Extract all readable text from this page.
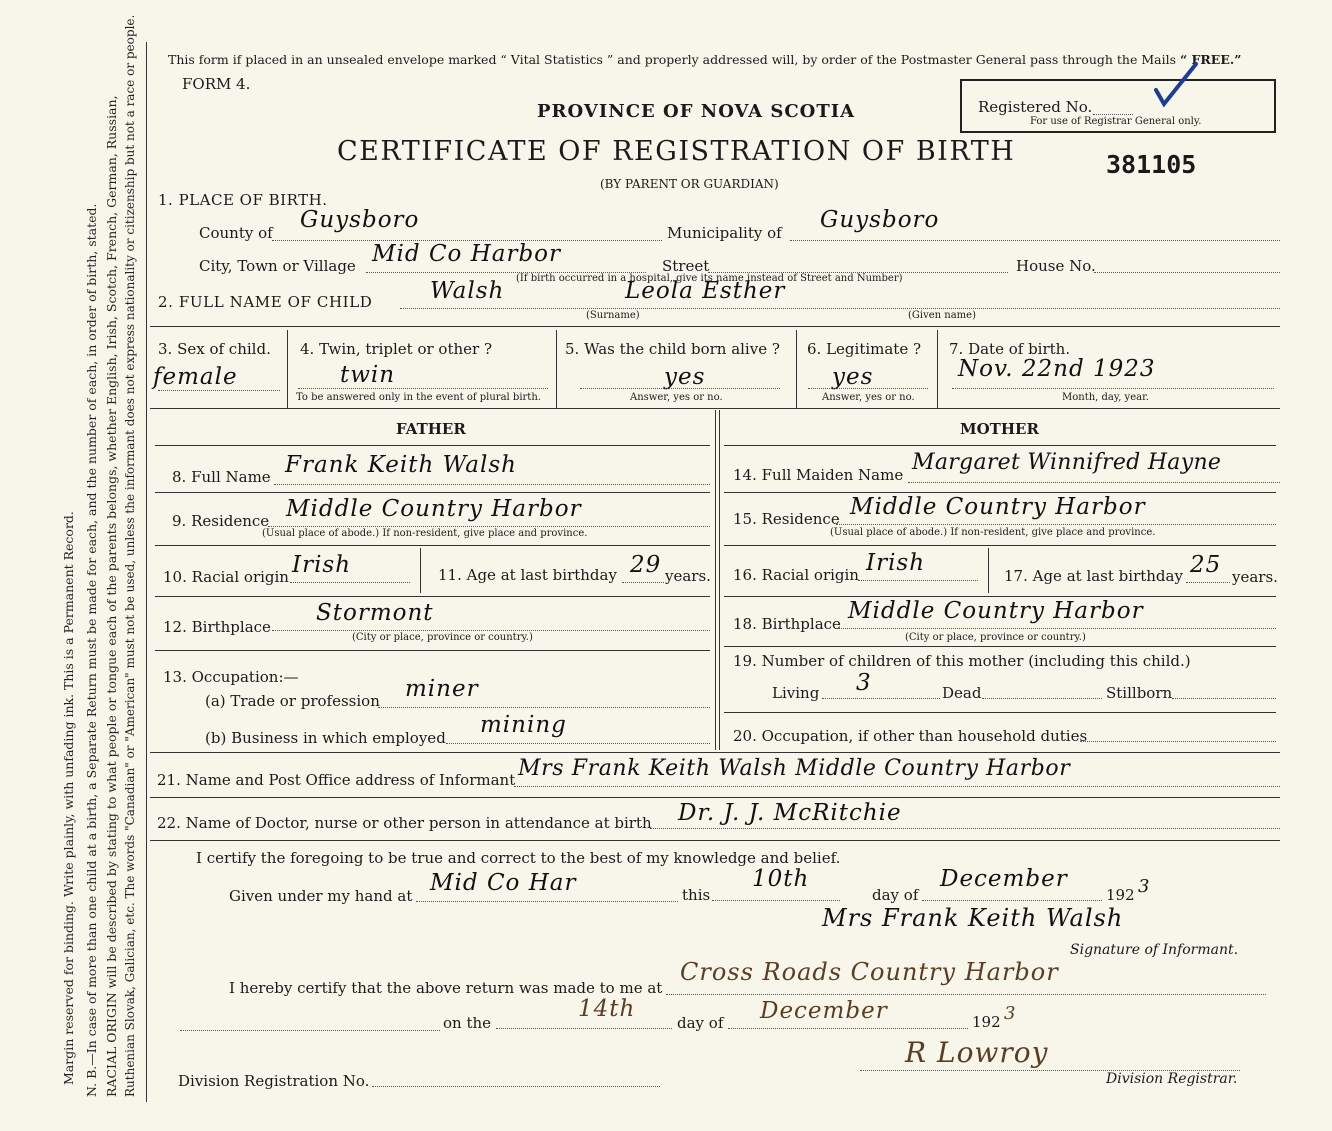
Margin reserved for binding. Write plainly, with unfading ink. This is a Permanent Record. N. B.—In case of more than one child at a birth, a Separate Return must be made for each, and the number of each, in order of birth, stated. RACIAL ORIGIN will be described by stating to what people or tongue each of the parents belongs, whether English, Irish, Scotch, French, German, Russian, Ruthenian Slovak, Galician, etc. The words "Canadian" or "American" must not be used, unless the informant does not express nationality or citizenship but not a race or people. This form if placed in an unsealed envelope marked “ Vital Statistics ” and properly addressed will, by order of the Postmaster General pass through the Mails “ FREE.”
FORM 4.
PROVINCE OF NOVA SCOTIA
CERTIFICATE OF REGISTRATION OF BIRTH
(BY PARENT OR GUARDIAN)
381105
Registered No.
For use of Registrar General only.
1. PLACE OF BIRTH.
County of Guysboro	Municipality of Guysboro
City, Town or Village Mid Co Harbor	Street	House No.
(If birth occurred in a hospital, give its name instead of Street and Number)
2. FULL NAME OF CHILD	Walsh	Leola Esther
(Surname)	(Given name)
3. Sex of child.
female
4. Twin, triplet or other ?
twin
To be answered only in the event of plural birth.
5. Was the child born alive ?
yes
Answer, yes or no.
6. Legitimate ?
yes
Answer, yes or no.
7. Date of birth.
Nov. 22nd 1923
Month, day, year.
FATHER	MOTHER
8. Full Name Frank Keith Walsh
9. Residence Middle Country Harbor
(Usual place of abode.) If non-resident, give place and province.
10. Racial origin Irish	11. Age at last birthday 29 years.
12. Birthplace
Stormont
(City or place, province or country.)
13. Occupation:—
(a) Trade or profession miner
(b) Business in which employed mining
14. Full Maiden Name Margaret Winnifred Hayne
15. Residence Middle Country Harbor
(Usual place of abode.) If non-resident, give place and province.
16. Racial origin Irish	17. Age at last birthday 25 years.
18. Birthplace Middle Country Harbor
(City or place, province or country.)
19. Number of children of this mother (including this child.)
Living 3	Dead	Stillborn
20. Occupation, if other than household duties
21. Name and Post Office address of Informant Mrs Frank Keith Walsh Middle Country Harbor
22. Name of Doctor, nurse or other person in attendance at birth Dr. J. J. McRitchie
I certify the foregoing to be true and correct to the best of my knowledge and belief.
Given under my hand at Mid Co Har	this
10th
day of
December
192 3
Mrs Frank Keith Walsh
Signature of Informant.
I hereby certify that the above return was made to me at
Cross Roads Country Harbor
on the
14th
day of December	192 3
R Lowroy
Division Registrar.
Division Registration No.
